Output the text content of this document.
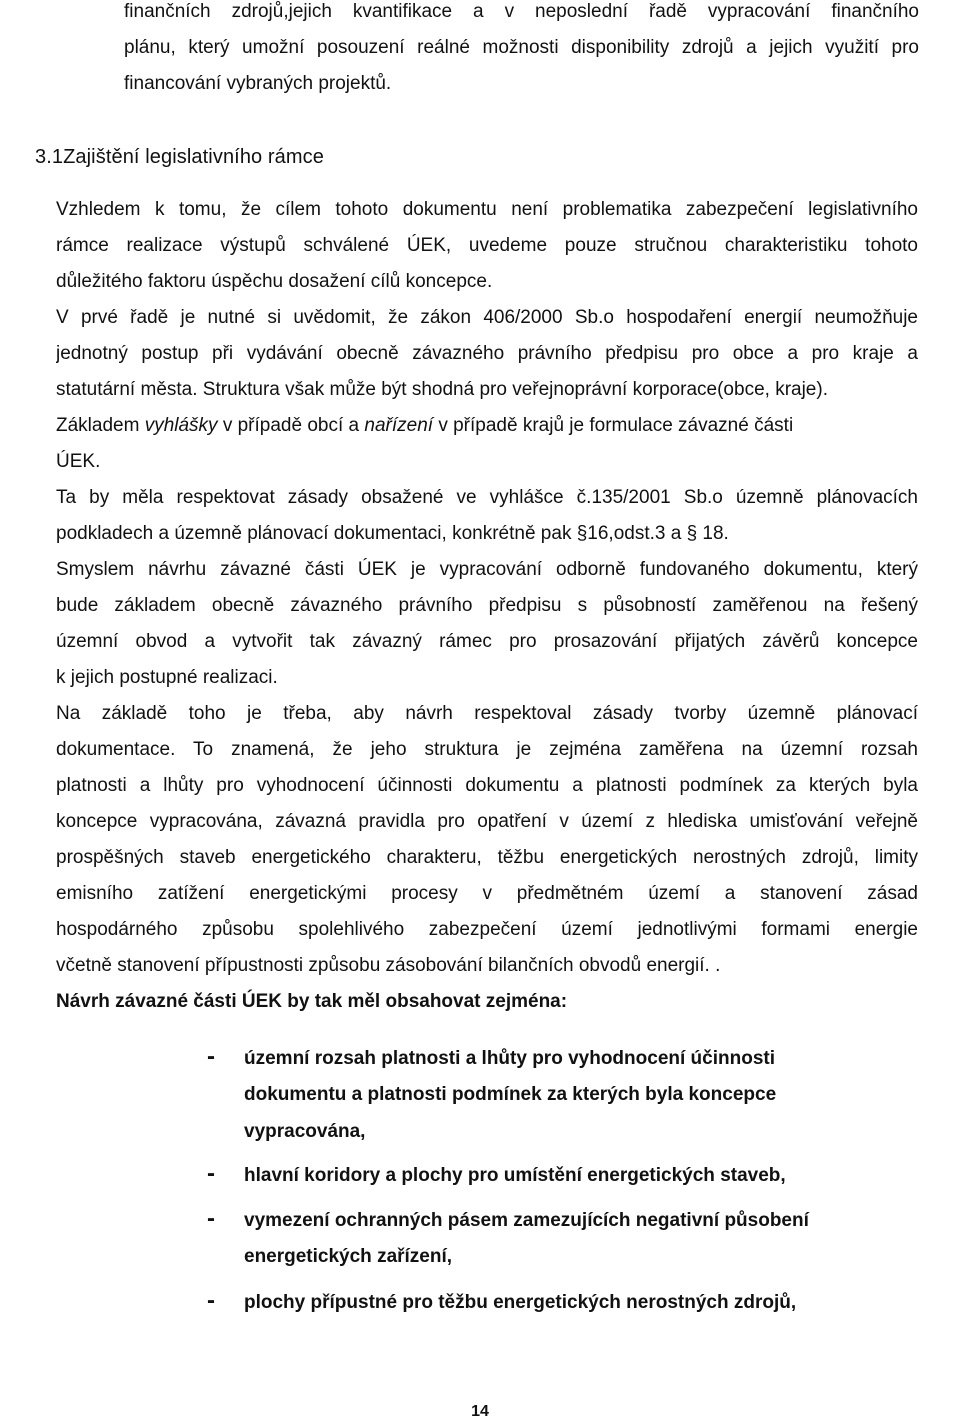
finančních zdrojů,jejich kvantifikace a v neposlední řadě vypracování finančního
plánu, který umožní posouzení reálné možnosti disponibility zdrojů a jejich využití pro
financování vybraných projektů.
3.1Zajištění legislativního rámce
Vzhledem k tomu, že cílem tohoto dokumentu není problematika zabezpečení legislativního
rámce realizace výstupů schválené ÚEK, uvedeme pouze stručnou charakteristiku tohoto
důležitého faktoru úspěchu dosažení cílů koncepce.
V prvé řadě je nutné si uvědomit, že zákon 406/2000 Sb.o hospodaření energií neumožňuje
jednotný postup při vydávání obecně závazného právního předpisu pro obce a pro kraje a
statutární města. Struktura však může být shodná pro veřejnoprávní korporace(obce, kraje).
Základem vyhlášky v případě obcí a nařízení v případě krajů je formulace závazné části
ÚEK.
Ta by měla respektovat zásady obsažené ve vyhlášce č.135/2001 Sb.o územně plánovacích
podkladech a územně plánovací dokumentaci, konkrétně pak §16,odst.3 a § 18.
Smyslem návrhu závazné části ÚEK je vypracování odborně fundovaného dokumentu, který
bude základem obecně závazného právního předpisu s působností zaměřenou na řešený
územní obvod a vytvořit tak závazný rámec pro prosazování přijatých závěrů koncepce
k jejich postupné realizaci.
Na základě toho je třeba, aby návrh respektoval zásady tvorby územně plánovací
dokumentace. To znamená, že jeho struktura je zejména zaměřena na územní rozsah
platnosti a lhůty pro vyhodnocení účinnosti dokumentu a platnosti podmínek za kterých byla
koncepce vypracována, závazná pravidla pro opatření v území z hlediska umisťování veřejně
prospěšných staveb energetického charakteru, těžbu energetických nerostných zdrojů, limity
emisního zatížení energetickými procesy v předmětném území a stanovení zásad
hospodárného způsobu spolehlivého zabezpečení území jednotlivými formami energie
včetně stanovení přípustnosti způsobu zásobování bilančních obvodů energií. .
Návrh závazné části ÚEK by tak měl obsahovat zejména:
- územní rozsah platnosti a lhůty pro vyhodnocení účinnosti
dokumentu a platnosti podmínek za kterých byla koncepce
vypracována,
- hlavní koridory a plochy pro umístění energetických staveb,
- vymezení ochranných pásem zamezujících negativní působení
energetických zařízení,
- plochy přípustné pro těžbu energetických nerostných zdrojů,
14
